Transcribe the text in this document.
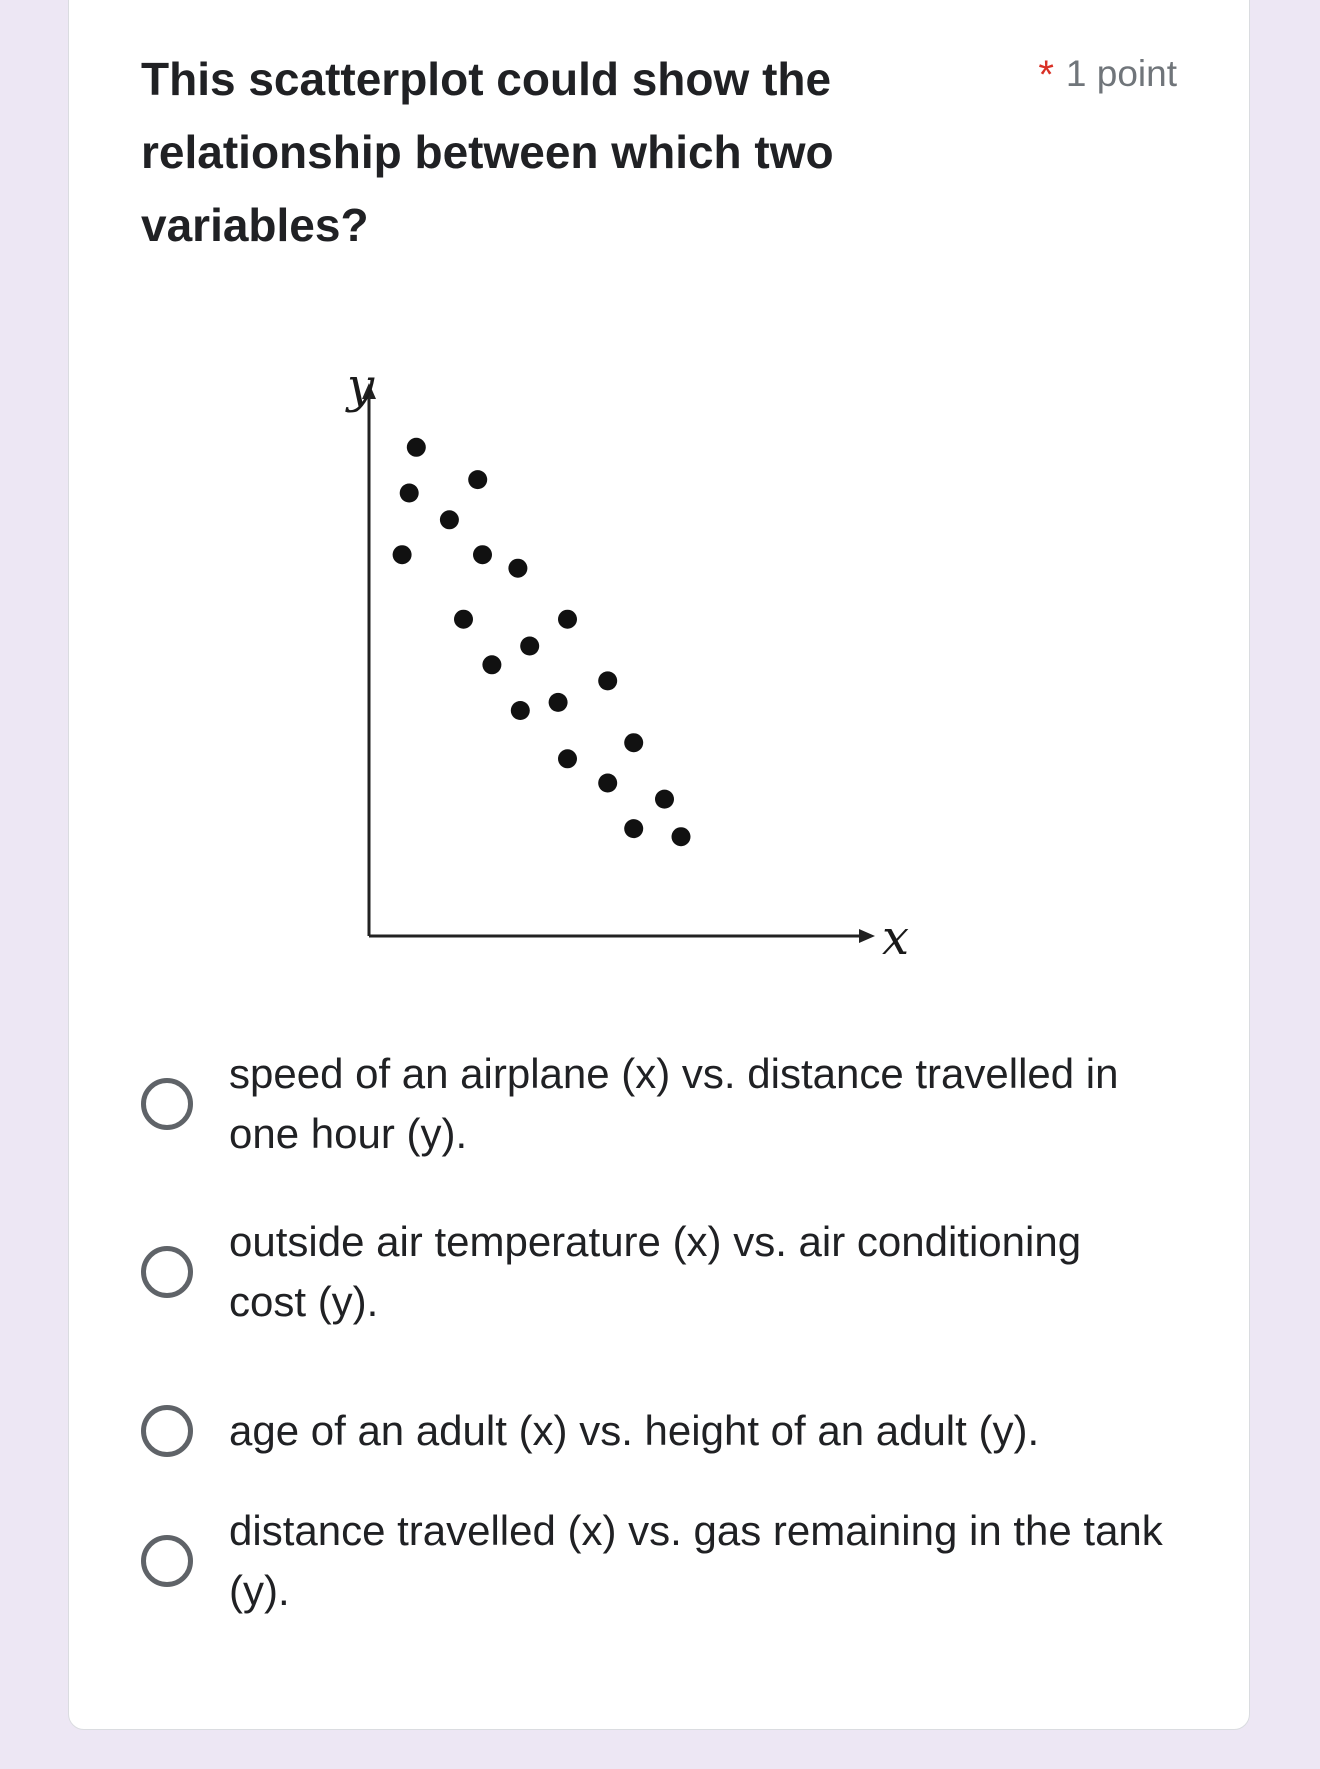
This scatterplot could show the relationship between which two variables?
* 1 point
y
x
speed of an airplane (x) vs. distance travelled in one hour (y).
outside air temperature (x) vs. air conditioning cost (y).
age of an adult (x) vs. height of an adult (y).
distance travelled (x) vs. gas remaining in the tank (y).
